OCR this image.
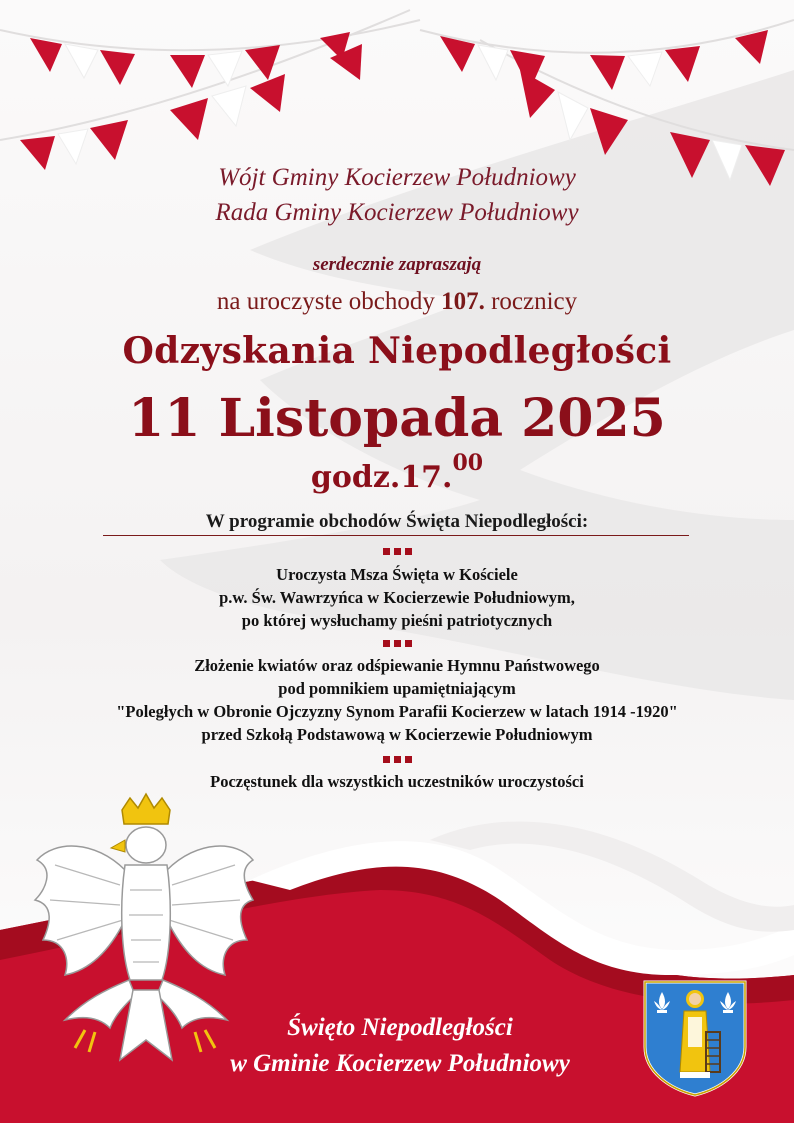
Wójt Gminy Kocierzew Południowy
Rada Gminy Kocierzew Południowy
serdecznie zapraszają
na uroczyste obchody 107. rocznicy
Odzyskania Niepodległości
11 Listopada 2025
godz.17.00
W programie obchodów Święta Niepodległości:
Uroczysta Msza Święta w Kościele
p.w. Św. Wawrzyńca w Kocierzewie Południowym,
po której wysłuchamy pieśni patriotycznych
Złożenie kwiatów oraz odśpiewanie Hymnu Państwowego
pod pomnikiem upamiętniającym
"Poległych w Obronie Ojczyzny Synom Parafii Kocierzew w latach 1914 -1920"
przed Szkołą Podstawową w Kocierzewie Południowym
Poczęstunek dla wszystkich uczestników uroczystości
Święto Niepodległości
w Gminie Kocierzew Południowy
